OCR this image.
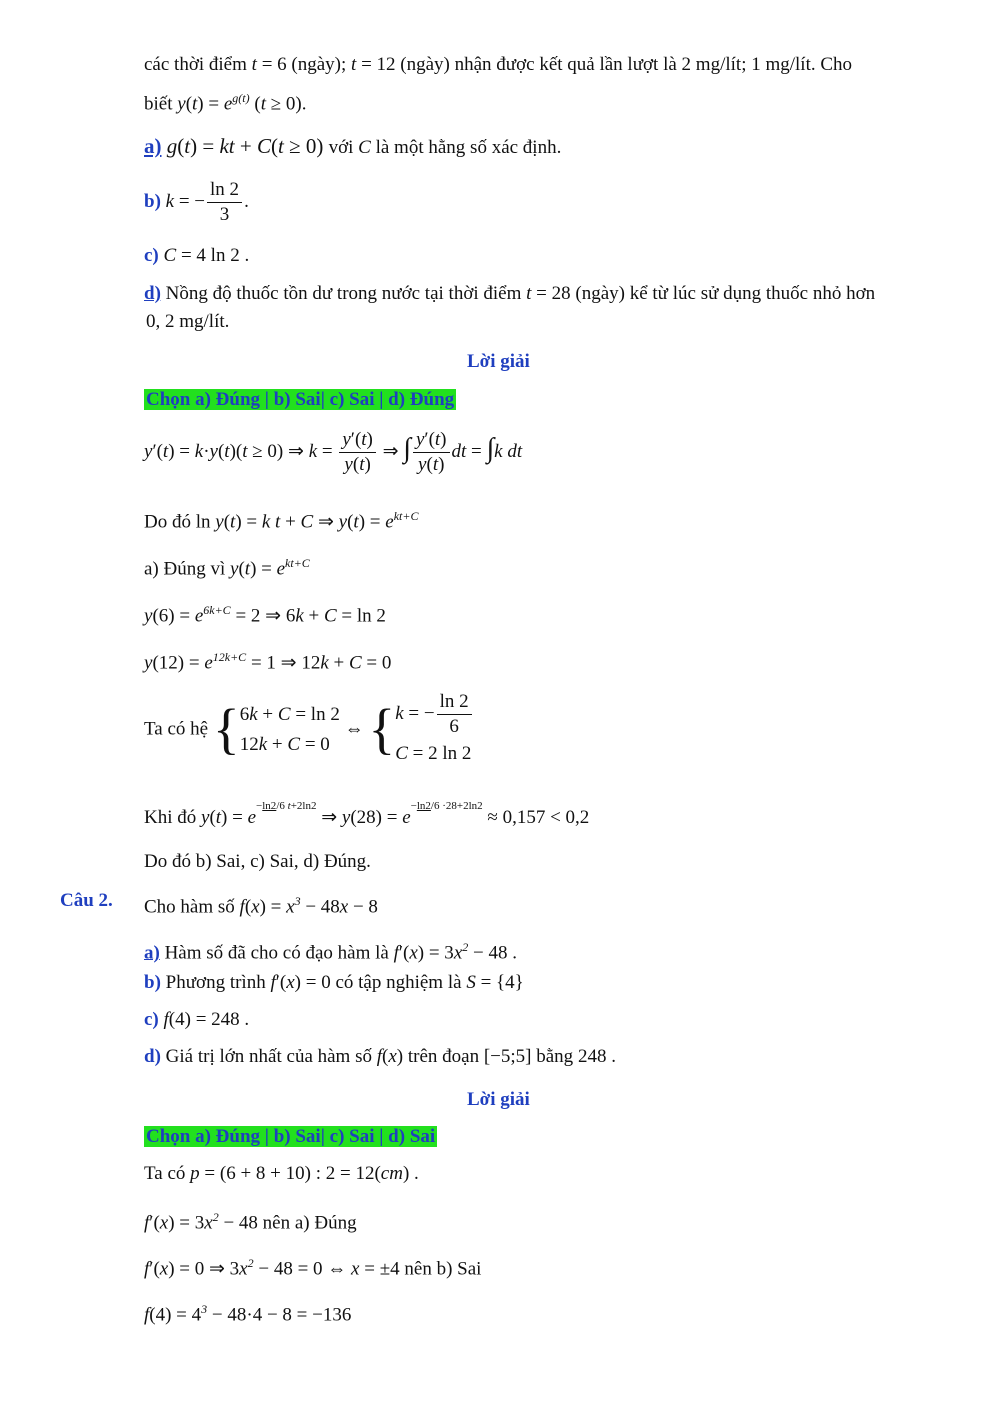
các thời điểm t = 6 (ngày); t = 12 (ngày) nhận được kết quả lần lượt là 2 mg/lít; 1 mg/lít. Cho
biết $y(t) = e^{g(t)}$ (t ≥ 0).
a) g(t) = kt + C(t ≥ 0) với C là một hằng số xác định.
b) k = − $\frac{\ln 2}{3}$ .
c) C = 4 ln 2 .
d) Nồng độ thuốc tồn dư trong nước tại thời điểm t = 28 (ngày) kể từ lúc sử dụng thuốc nhỏ hơn
0, 2 mg/lít.
Lời giải
Chọn a) Đúng | b) Sai| c) Sai | d) Đúng
y′(t) = k·y(t)(t ≥ 0) ⇒ $k = \frac{y'(t)}{y(t)}$ ⇒ ∫ $\frac{y'(t)}{y(t)}$ dt = ∫k dt
Do đó ln y(t) = k t + C ⇒ $y(t) = e^{kt+C}$
a) Đúng vì $y(t) = e^{kt+C}$
$y(6) = e^{6k+C} = 2$ ⇒ 6k + C = ln 2
$y(12) = e^{12k+C} = 1$ ⇒ 12k + C = 0
Ta có hệ { 6k + C = ln 2
12k + C = 0
⇔ { k = − $\frac{\ln 2}{6}$
C = 2 ln 2
Khi đó $y(t) = e^{-ln2/6 t+2ln2}$ ⇒ $y(28) = e^{-ln2/6 \cdot 28+2ln2} \approx 0,157 < 0,2$
Do đó b) Sai, c) Sai, d) Đúng.
Câu 2. Cho hàm số $f(x) = x^3 - 48x - 8$
a) Hàm số đã cho có đạo hàm là $f'(x) = 3x^2 - 48$ .
b) Phương trình f′(x) = 0 có tập nghiệm là S = {4}
c) f(4) = 248 .
d) Giá trị lớn nhất của hàm số f(x) trên đoạn [−5;5] bằng 248 .
Lời giải
Chọn a) Đúng | b) Sai| c) Sai | d) Sai
Ta có p = (6 + 8 + 10) : 2 = 12(cm) .
$f'(x) = 3x^2 - 48$ nên a) Đúng
f′(x) = 0 ⇒ $3x^2 - 48 = 0$ ⇔ x = ±4 nên b) Sai
$f(4) = 4^3 - 48\cdot 4 - 8 = -136$
